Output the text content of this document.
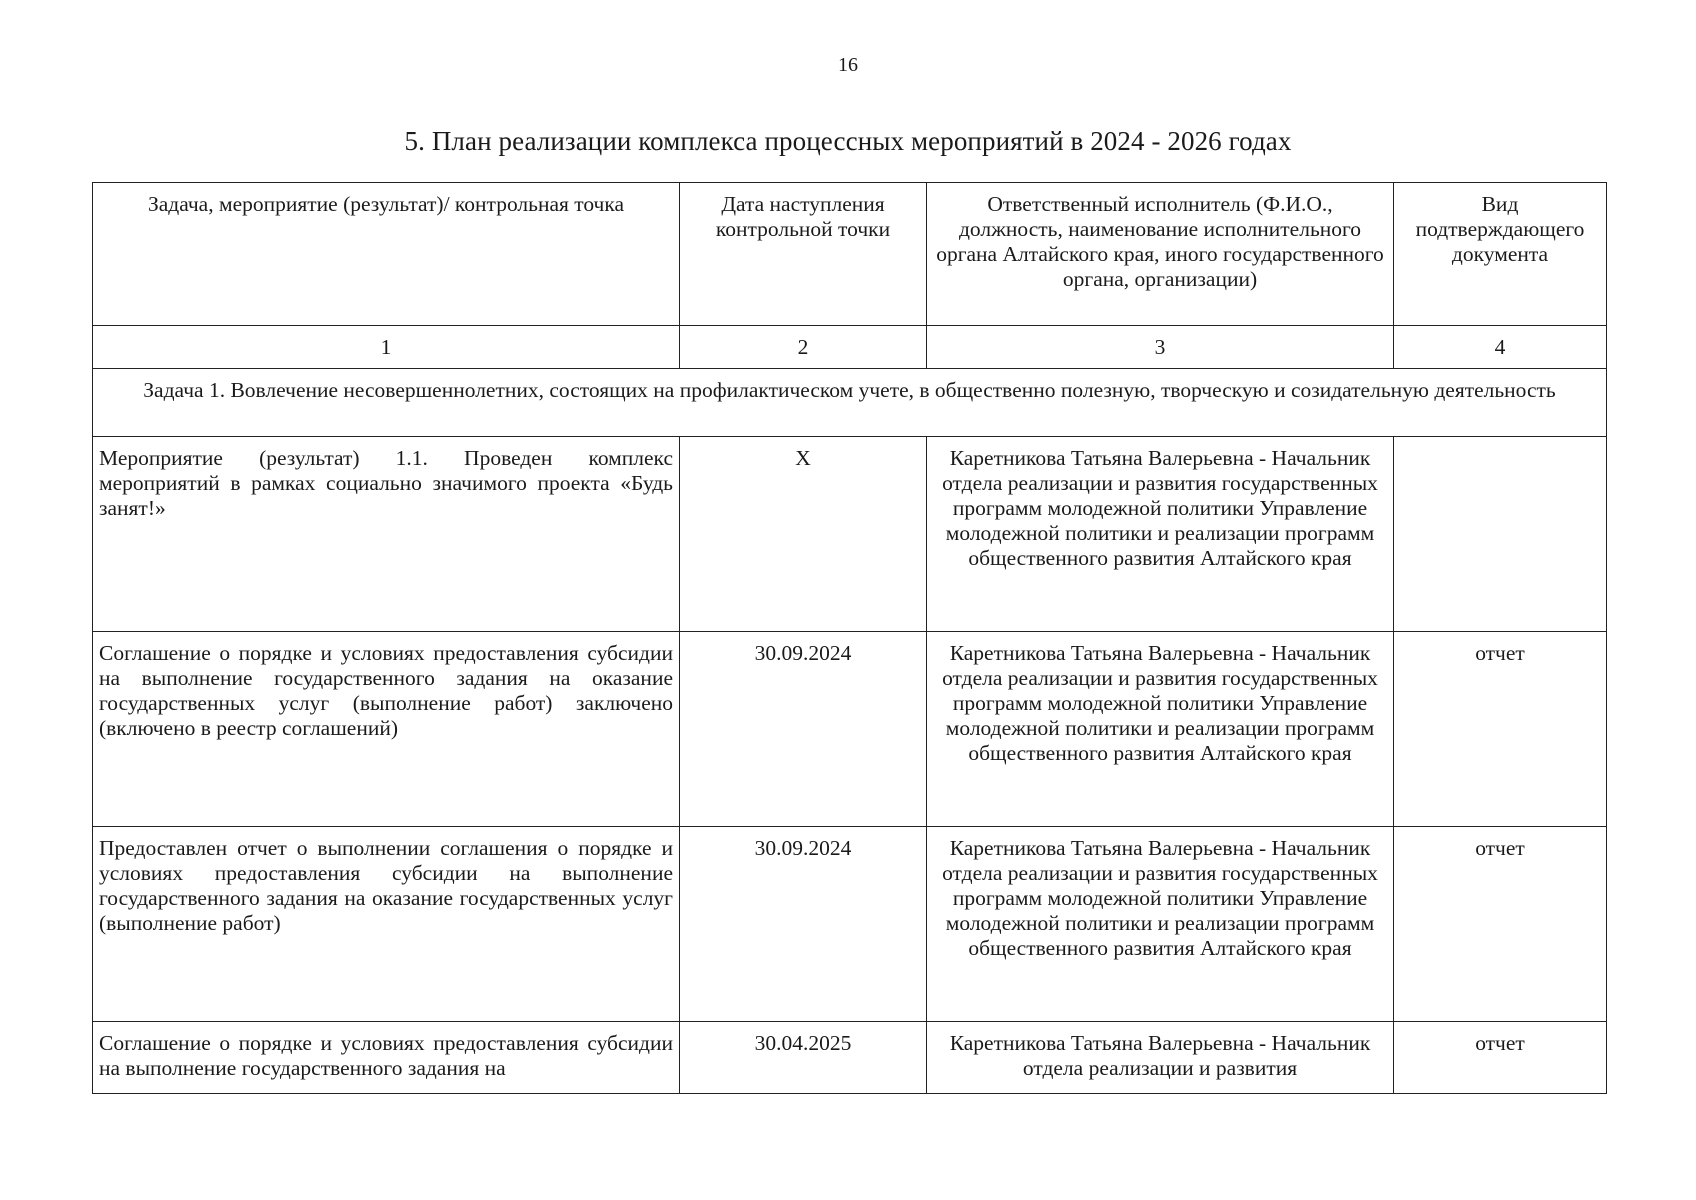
16
5. План реализации комплекса процессных мероприятий в 2024 - 2026 годах
Задача, мероприятие (результат)/ контрольная точка	Дата наступления контрольной точки	Ответственный исполнитель (Ф.И.О., должность, наименование исполнительного органа Алтайского края, иного государственного органа, организации)	Вид подтверждающего документа
1	2	3	4
Задача 1. Вовлечение несовершеннолетних, состоящих на профилактическом учете, в общественно полезную, творческую и созидательную деятельность			
Мероприятие (результат) 1.1. Проведен комплекс мероприятий в рамках социально значимого проекта «Будь занят!»	X	Каретникова Татьяна Валерьевна - Начальник отдела реализации и развития государственных программ молодежной политики Управление молодежной политики и реализации программ общественного развития Алтайского края	
Соглашение о порядке и условиях предоставления субсидии на выполнение государственного задания на оказание государственных услуг (выполнение работ) заключено (включено в реестр соглашений)	30.09.2024	Каретникова Татьяна Валерьевна - Начальник отдела реализации и развития государственных программ молодежной политики Управление молодежной политики и реализации программ общественного развития Алтайского края	отчет
Предоставлен отчет о выполнении соглашения о порядке и условиях предоставления субсидии на выполнение государственного задания на оказание государственных услуг (выполнение работ)	30.09.2024	Каретникова Татьяна Валерьевна - Начальник отдела реализации и развития государственных программ молодежной политики Управление молодежной политики и реализации программ общественного развития Алтайского края	отчет
Соглашение о порядке и условиях предоставления субсидии на выполнение государственного задания на	30.04.2025	Каретникова Татьяна Валерьевна - Начальник отдела реализации и развития	отчет
